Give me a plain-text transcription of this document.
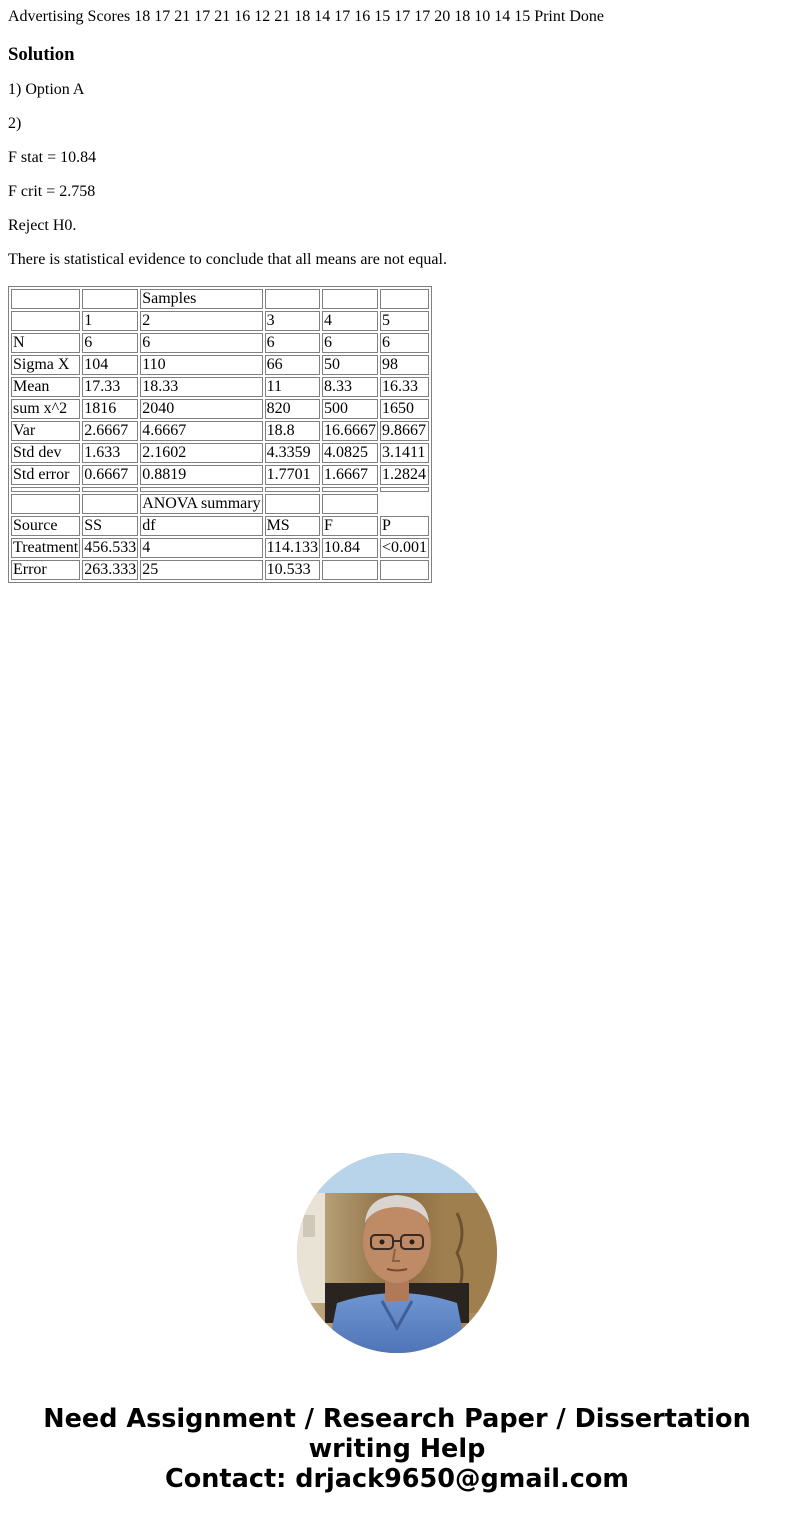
Advertising Scores 18 17 21 17 21 16 12 21 18 14 17 16 15 17 17 20 18 10 14 15 Print Done
Solution

1) Option A

2)

F stat = 10.84

F crit = 2.758

Reject H0.

There is statistical evidence to conclude that all means are not equal.

		Samples			
	1	2	3	4	5
N	6	6	6	6	6
Sigma X	104	110	66	50	98
Mean	17.33	18.33	11	8.33	16.33
sum x^2	1816	2040	820	500	1650
Var	2.6667	4.6667	18.8	16.6667	9.8667
Std dev	1.633	2.1602	4.3359	4.0825	3.1411
Std error	0.6667	0.8819	1.7701	1.6667	1.2824

		ANOVA summary			
Source	SS	df	MS	F	P
Treatment	456.533	4	114.133	10.84	<0.001
Error	263.333	25	10.533		
Need Assignment / Research Paper / Dissertation
writing Help
Contact: drjack9650@gmail.com
